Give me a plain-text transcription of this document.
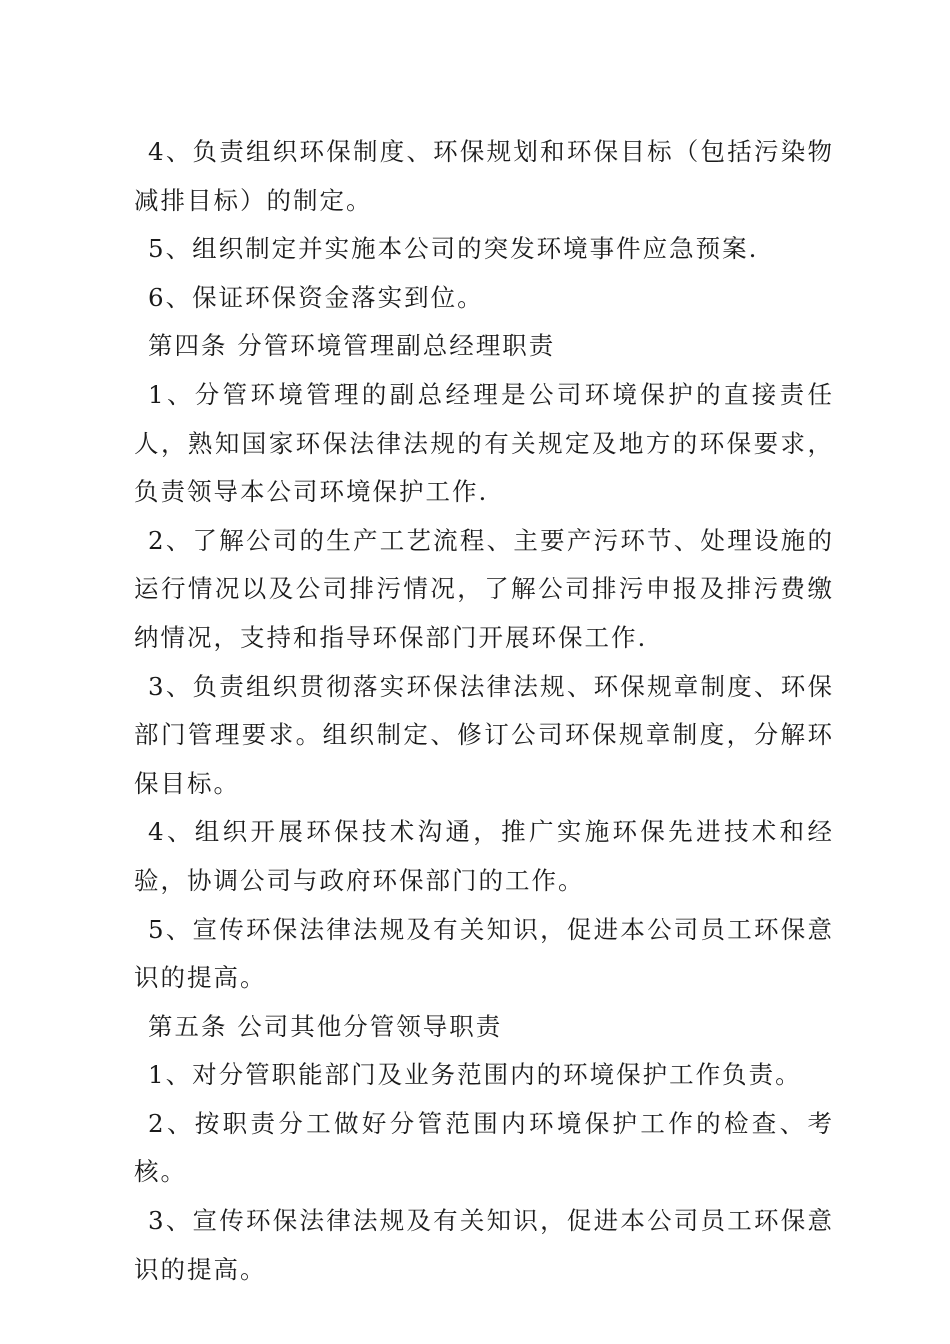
4、负责组织环保制度、环保规划和环保目标（包括污染物减排目标）的制定。

5、组织制定并实施本公司的突发环境事件应急预案.

6、保证环保资金落实到位。

第四条 分管环境管理副总经理职责

1、分管环境管理的副总经理是公司环境保护的直接责任人，熟知国家环保法律法规的有关规定及地方的环保要求，负责领导本公司环境保护工作.

2、了解公司的生产工艺流程、主要产污环节、处理设施的运行情况以及公司排污情况，了解公司排污申报及排污费缴纳情况，支持和指导环保部门开展环保工作.

3、负责组织贯彻落实环保法律法规、环保规章制度、环保部门管理要求。组织制定、修订公司环保规章制度，分解环保目标。

4、组织开展环保技术沟通，推广实施环保先进技术和经验，协调公司与政府环保部门的工作。

5、宣传环保法律法规及有关知识，促进本公司员工环保意识的提高。

第五条 公司其他分管领导职责

1、对分管职能部门及业务范围内的环境保护工作负责。

2、按职责分工做好分管范围内环境保护工作的检查、考核。

3、宣传环保法律法规及有关知识，促进本公司员工环保意识的提高。
